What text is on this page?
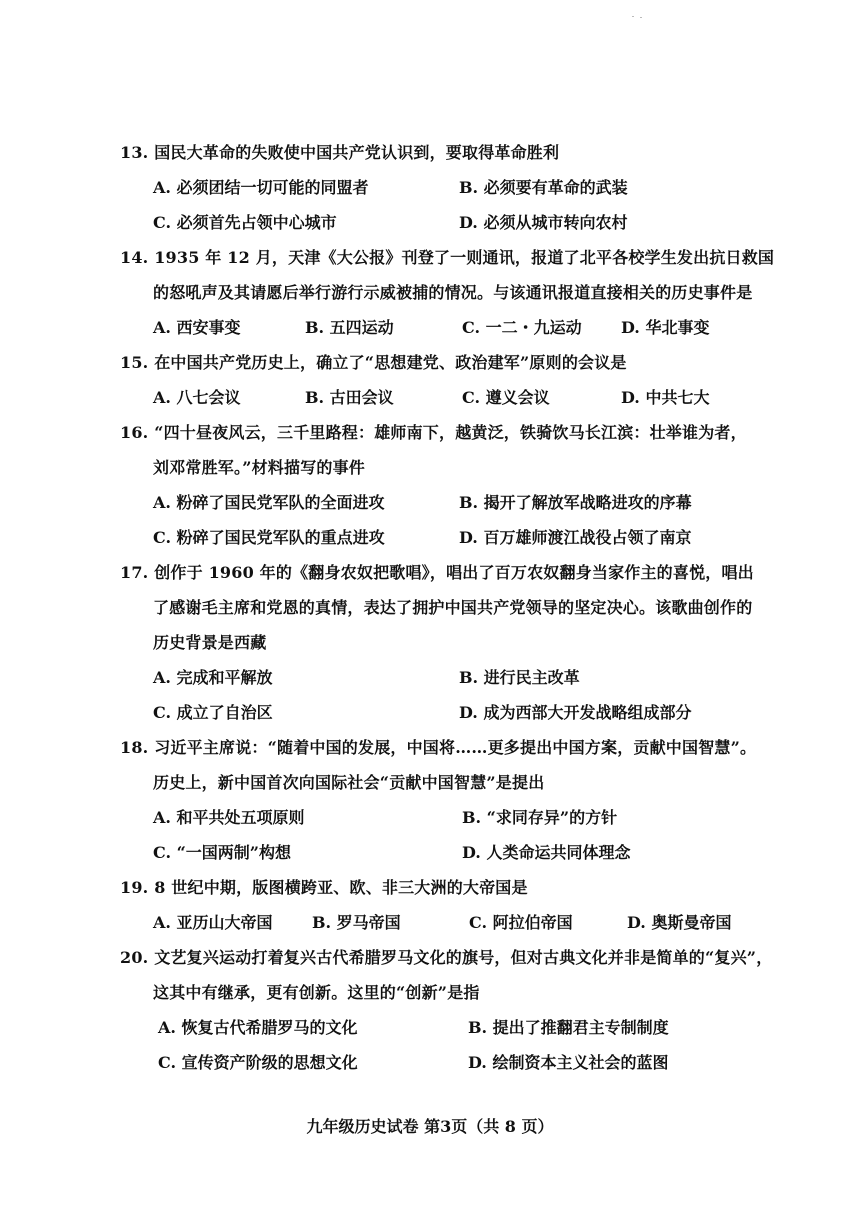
13. 国民大革命的失败使中国共产党认识到，要取得革命胜利
A. 必须团结一切可能的同盟者	B. 必须要有革命的武装
C. 必须首先占领中心城市	D. 必须从城市转向农村
14. 1935 年 12 月，天津《大公报》刊登了一则通讯，报道了北平各校学生发出抗日救国
的怒吼声及其请愿后举行游行示威被捕的情况。与该通讯报道直接相关的历史事件是
A. 西安事变	B. 五四运动	C. 一二・九运动 D. 华北事变
15. 在中国共产党历史上，确立了“思想建党、政治建军”原则的会议是
A. 八七会议	B. 古田会议	C. 遵义会议	D. 中共七大
16. “四十昼夜风云，三千里路程：雄师南下，越黄泛，铁骑饮马长江滨：壮举谁为者，
刘邓常胜军。”材料描写的事件
A. 粉碎了国民党军队的全面进攻	B. 揭开了解放军战略进攻的序幕
C. 粉碎了国民党军队的重点进攻	D. 百万雄师渡江战役占领了南京
17. 创作于 1960 年的《翻身农奴把歌唱》，唱出了百万农奴翻身当家作主的喜悦，唱出
了感谢毛主席和党恩的真情，表达了拥护中国共产党领导的坚定决心。该歌曲创作的
历史背景是西藏
A. 完成和平解放	B. 进行民主改革
C. 成立了自治区	D. 成为西部大开发战略组成部分
18. 习近平主席说：“随着中国的发展，中国将……更多提出中国方案，贡献中国智慧”。
历史上，新中国首次向国际社会“贡献中国智慧”是提出
A. 和平共处五项原则	B. “求同存异”的方针
C. “一国两制”构想	D. 人类命运共同体理念
19. 8 世纪中期，版图横跨亚、欧、非三大洲的大帝国是
A. 亚历山大帝国 B. 罗马帝国	C. 阿拉伯帝国	D. 奥斯曼帝国
20. 文艺复兴运动打着复兴古代希腊罗马文化的旗号，但对古典文化并非是简单的“复兴”，
这其中有继承，更有创新。这里的“创新”是指
A. 恢复古代希腊罗马的文化	B. 提出了推翻君主专制制度
C. 宣传资产阶级的思想文化	D. 绘制资本主义社会的蓝图
九年级历史试卷 第3页（共 8 页）
